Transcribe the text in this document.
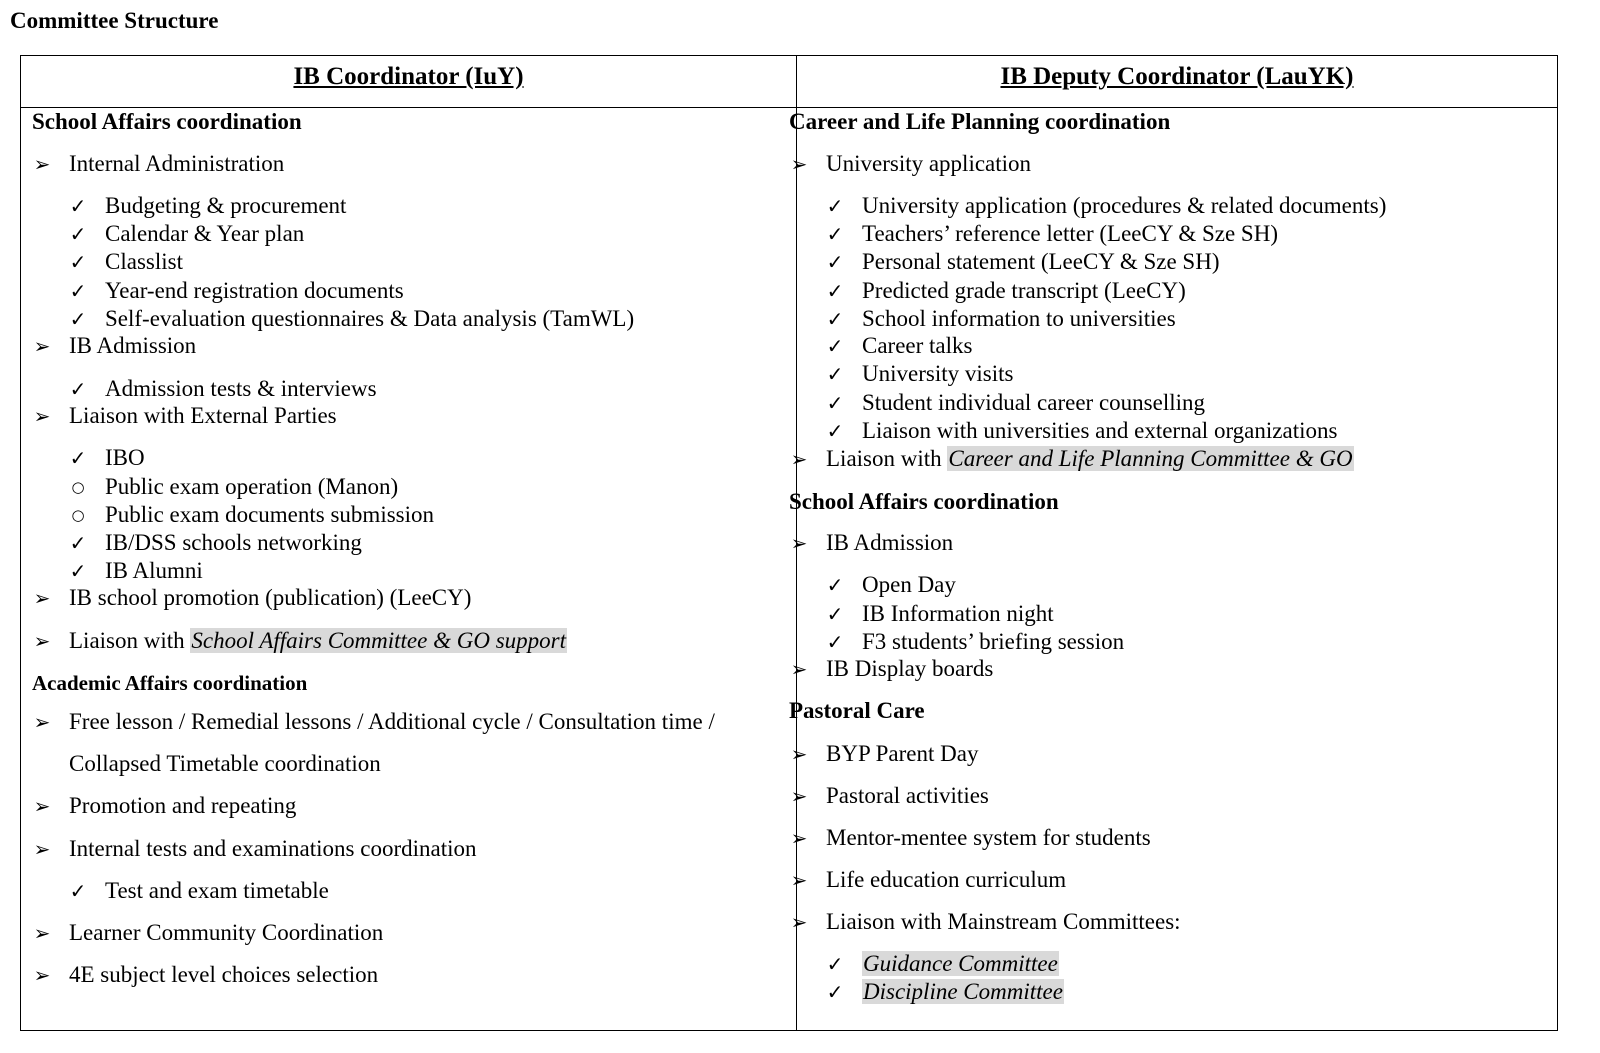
Committee Structure
IB Coordinator (IuY)	IB Deputy Coordinator (LauYK)
School Affairs coordination
➢ Internal Administration
✓ Budgeting & procurement
✓ Calendar & Year plan
✓ Classlist
✓ Year-end registration documents
✓ Self-evaluation questionnaires & Data analysis (TamWL)
➢ IB Admission
✓ Admission tests & interviews
➢ Liaison with External Parties
✓ IBO
○ Public exam operation (Manon)
○ Public exam documents submission
✓ IB/DSS schools networking
✓ IB Alumni
➢ IB school promotion (publication) (LeeCY)
➢ Liaison with School Affairs Committee & GO support
Academic Affairs coordination
➢ Free lesson / Remedial lessons / Additional cycle / Consultation time /
Collapsed Timetable coordination
➢ Promotion and repeating
➢ Internal tests and examinations coordination
✓ Test and exam timetable
➢ Learner Community Coordination
➢ 4E subject level choices selection
Career and Life Planning coordination
➢ University application
✓ University application (procedures & related documents)
✓ Teachers’ reference letter (LeeCY & Sze SH)
✓ Personal statement (LeeCY & Sze SH)
✓ Predicted grade transcript (LeeCY)
✓ School information to universities
✓ Career talks
✓ University visits
✓ Student individual career counselling
✓ Liaison with universities and external organizations
➢ Liaison with Career and Life Planning Committee & GO
School Affairs coordination
➢ IB Admission
✓ Open Day
✓ IB Information night
✓ F3 students’ briefing session
➢ IB Display boards
Pastoral Care
➢ BYP Parent Day
➢ Pastoral activities
➢ Mentor-mentee system for students
➢ Life education curriculum
➢ Liaison with Mainstream Committees:
✓ Guidance Committee
✓ Discipline Committee
